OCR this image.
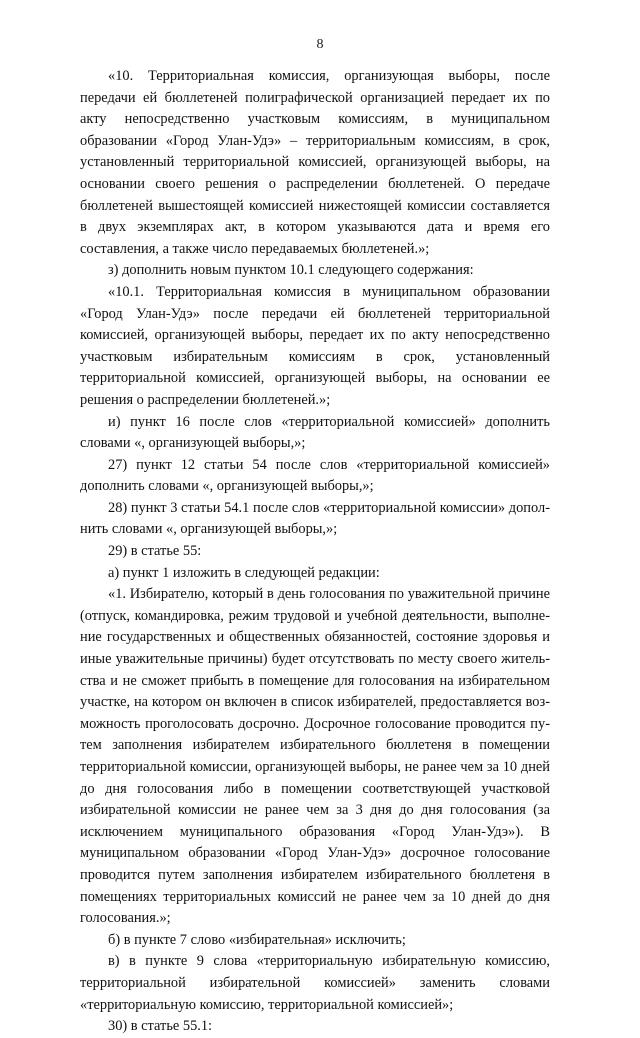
8

«10. Территориальная комиссия, организующая выборы, после передачи ей бюллетеней полиграфической организацией передает их по акту непосредственно участковым комиссиям, в муниципальном образовании «Город Улан-Удэ» – территориальным комиссиям, в срок, установленный территориальной комиссией, организующей выборы, на основании своего решения о распределении бюллетеней. О передаче бюллетеней вышестоящей комиссией нижестоящей комиссии составляется в двух экземплярах акт, в котором указываются дата и время его составления, а также число передаваемых бюллетеней.»;

з) дополнить новым пунктом 10.1 следующего содержания:

«10.1. Территориальная комиссия в муниципальном образовании «Город Улан-Удэ» после передачи ей бюллетеней территориальной комиссией, организующей выборы, передает их по акту непосредственно участковым избирательным комиссиям в срок, установленный территориальной комиссией, организующей выборы, на основании ее решения о распределении бюллетеней.»;

и) пункт 16 после слов «территориальной комиссией» дополнить словами «, организующей выборы,»;

27) пункт 12 статьи 54 после слов «территориальной комиссией» дополнить словами «, организующей выборы,»;

28) пункт 3 статьи 54.1 после слов «территориальной комиссии» дополнить словами «, организующей выборы,»;

29) в статье 55:

а) пункт 1 изложить в следующей редакции:

«1. Избирателю, который в день голосования по уважительной причине (отпуск, командировка, режим трудовой и учебной деятельности, выполнение государственных и общественных обязанностей, состояние здоровья и иные уважительные причины) будет отсутствовать по месту своего жительства и не сможет прибыть в помещение для голосования на избирательном участке, на котором он включен в список избирателей, предоставляется возможность проголосовать досрочно. Досрочное голосование проводится путем заполнения избирателем избирательного бюллетеня в помещении территориальной комиссии, организующей выборы, не ранее чем за 10 дней до дня голосования либо в помещении соответствующей участковой избирательной комиссии не ранее чем за 3 дня до дня голосования (за исключением муниципального образования «Город Улан-Удэ»). В муниципальном образовании «Город Улан-Удэ» досрочное голосование проводится путем заполнения избирателем избирательного бюллетеня в помещениях территориальных комиссий не ранее чем за 10 дней до дня голосования.»;

б) в пункте 7 слово «избирательная» исключить;

в) в пункте 9 слова «территориальную избирательную комиссию, территориальной избирательной комиссией» заменить словами «территориальную комиссию, территориальной комиссией»;

30) в статье 55.1:
